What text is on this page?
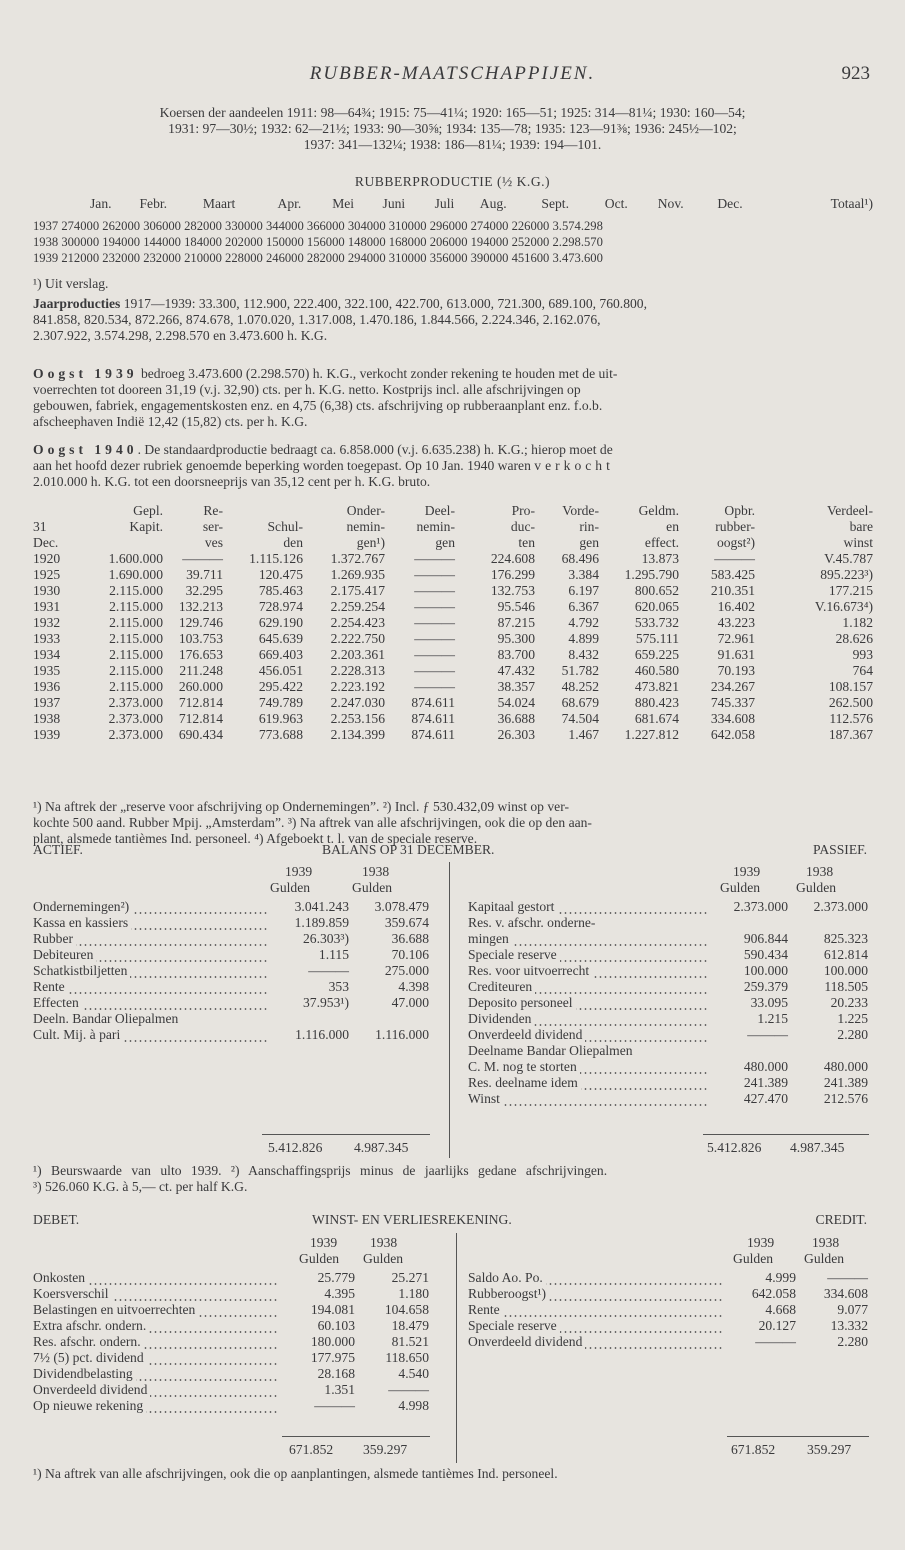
RUBBER-MAATSCHAPPIJEN.	923
Koersen der aandeelen 1911: 98—64¾; 1915: 75—41¼; 1920: 165—51; 1925: 314—81¼; 1930: 160—54;
1931: 97—30½; 1932: 62—21½; 1933: 90—30⅝; 1934: 135—78; 1935: 123—91⅜; 1936: 245½—102;
1937: 341—132¼; 1938: 186—81¼; 1939: 194—101.
RUBBERPRODUCTIE (½ K.G.)
Jan.	Febr.	Maart	Apr.	Mei	Juni	Juli	Aug.	Sept.	Oct.	Nov.	Dec.	Totaal¹)
1937 274000 262000 306000 282000 330000 344000 366000 304000 310000 296000 274000 226000 3.574.298
1938 300000 194000 144000 184000 202000 150000 156000 148000 168000 206000 194000 252000 2.298.570
1939 212000 232000 232000 210000 228000 246000 282000 294000 310000 356000 390000 451600 3.473.600
¹) Uit verslag.
Jaarproducties 1917—1939: 33.300, 112.900, 222.400, 322.100, 422.700, 613.000, 721.300, 689.100, 760.800,
841.858, 820.534, 872.266, 874.678, 1.070.020, 1.317.008, 1.470.186, 1.844.566, 2.224.346, 2.162.076,
2.307.922, 3.574.298, 2.298.570 en 3.473.600 h. K.G.
Oogst 1939 bedroeg 3.473.600 (2.298.570) h. K.G., verkocht zonder rekening te houden met de uit-
voerrechten tot dooreen 31,19 (v.j. 32,90) cts. per h. K.G. netto. Kostprijs incl. alle afschrijvingen op
gebouwen, fabriek, engagementskosten enz. en 4,75 (6,38) cts. afschrijving op rubberaanplant enz. f.o.b.
afscheephaven Indië 12,42 (15,82) cts. per h. K.G.
Oogst 1940. De standaardproductie bedraagt ca. 6.858.000 (v.j. 6.635.238) h. K.G.; hierop moet de
aan het hoofd dezer rubriek genoemde beperking worden toegepast. Op 10 Jan. 1940 waren verkocht
2.010.000 h. K.G. tot een doorsneeprijs van 35,12 cent per h. K.G. bruto.
	Gepl.	Re-		Onder-	Deel-	Pro-	Vorde-	Geldm.	Opbr.	Verdeel-
31	Kapit.	ser-	Schul-	nemin-	nemin-	duc-	rin-	en	rubber-	bare
Dec.		ves	den	gen¹)	gen	ten	gen	effect.	oogst²)	winst
1920	1.600.000	———	1.115.126	1.372.767	———	224.608	68.496	13.873	———	V.45.787
1925	1.690.000	39.711	120.475	1.269.935	———	176.299	3.384	1.295.790	583.425	895.223³)
1930	2.115.000	32.295	785.463	2.175.417	———	132.753	6.197	800.652	210.351	177.215
1931	2.115.000	132.213	728.974	2.259.254	———	95.546	6.367	620.065	16.402	V.16.673⁴)
1932	2.115.000	129.746	629.190	2.254.423	———	87.215	4.792	533.732	43.223	1.182
1933	2.115.000	103.753	645.639	2.222.750	———	95.300	4.899	575.111	72.961	28.626
1934	2.115.000	176.653	669.403	2.203.361	———	83.700	8.432	659.225	91.631	993
1935	2.115.000	211.248	456.051	2.228.313	———	47.432	51.782	460.580	70.193	764
1936	2.115.000	260.000	295.422	2.223.192	———	38.357	48.252	473.821	234.267	108.157
1937	2.373.000	712.814	749.789	2.247.030	874.611	54.024	68.679	880.423	745.337	262.500
1938	2.373.000	712.814	619.963	2.253.156	874.611	36.688	74.504	681.674	334.608	112.576
1939	2.373.000	690.434	773.688	2.134.399	874.611	26.303	1.467	1.227.812	642.058	187.367
¹) Na aftrek der „reserve voor afschrijving op Ondernemingen”. ²) Incl. ƒ 530.432,09 winst op ver-
kochte 500 aand. Rubber Mpij. „Amsterdam”. ³) Na aftrek van alle afschrijvingen, ook die op den aan-
plant, alsmede tantièmes Ind. personeel. ⁴) Afgeboekt t. l. van de speciale reserve.
ACTIEF.	BALANS OP 31 DECEMBER.	PASSIEF.
1939	1938
Gulden	Gulden
1939	1938
Gulden	Gulden
Ondernemingen²)	3.041.243	3.078.479
Kassa en kassiers	1.189.859	359.674
Rubber	26.303³)	36.688
Debiteuren	1.115	70.106
Schatkistbiljetten	———	275.000
Rente	353	4.398
Effecten	37.953¹)	47.000
Deeln. Bandar Oliepalmen		
Cult. Mij. à pari	1.116.000	1.116.000
Kapitaal gestort	2.373.000	2.373.000
Res. v. afschr. onderne-		
mingen	906.844	825.323
Speciale reserve	590.434	612.814
Res. voor uitvoerrecht	100.000	100.000
Crediteuren	259.379	118.505
Deposito personeel	33.095	20.233
Dividenden	1.215	1.225
Onverdeeld dividend	———	2.280
Deelname Bandar Oliepalmen		
C. M. nog te storten	480.000	480.000
Res. deelname idem	241.389	241.389
Winst	427.470	212.576
5.412.826 4.987.345	5.412.826 4.987.345
¹) Beurswaarde van ulto 1939. ²) Aanschaffingsprijs minus de jaarlijks gedane afschrijvingen.
³) 526.060 K.G. à 5,— ct. per half K.G.
DEBET.	WINST- EN VERLIESREKENING.	CREDIT.
1939 1938
Gulden Gulden
1939	1938
Gulden Gulden
Onkosten	25.779	25.271
Koersverschil	4.395	1.180
Belastingen en uitvoerrechten	194.081	104.658
Extra afschr. ondern.	60.103	18.479
Res. afschr. ondern.	180.000	81.521
7½ (5) pct. dividend	177.975	118.650
Dividendbelasting	28.168	4.540
Onverdeeld dividend	1.351	———
Op nieuwe rekening	———	4.998
Saldo Ao. Po.	4.999	———
Rubberoogst¹)	642.058	334.608
Rente	4.668	9.077
Speciale reserve	20.127	13.332
Onverdeeld dividend	———	2.280
671.852 359.297	671.852 359.297
¹) Na aftrek van alle afschrijvingen, ook die op aanplantingen, alsmede tantièmes Ind. personeel.
